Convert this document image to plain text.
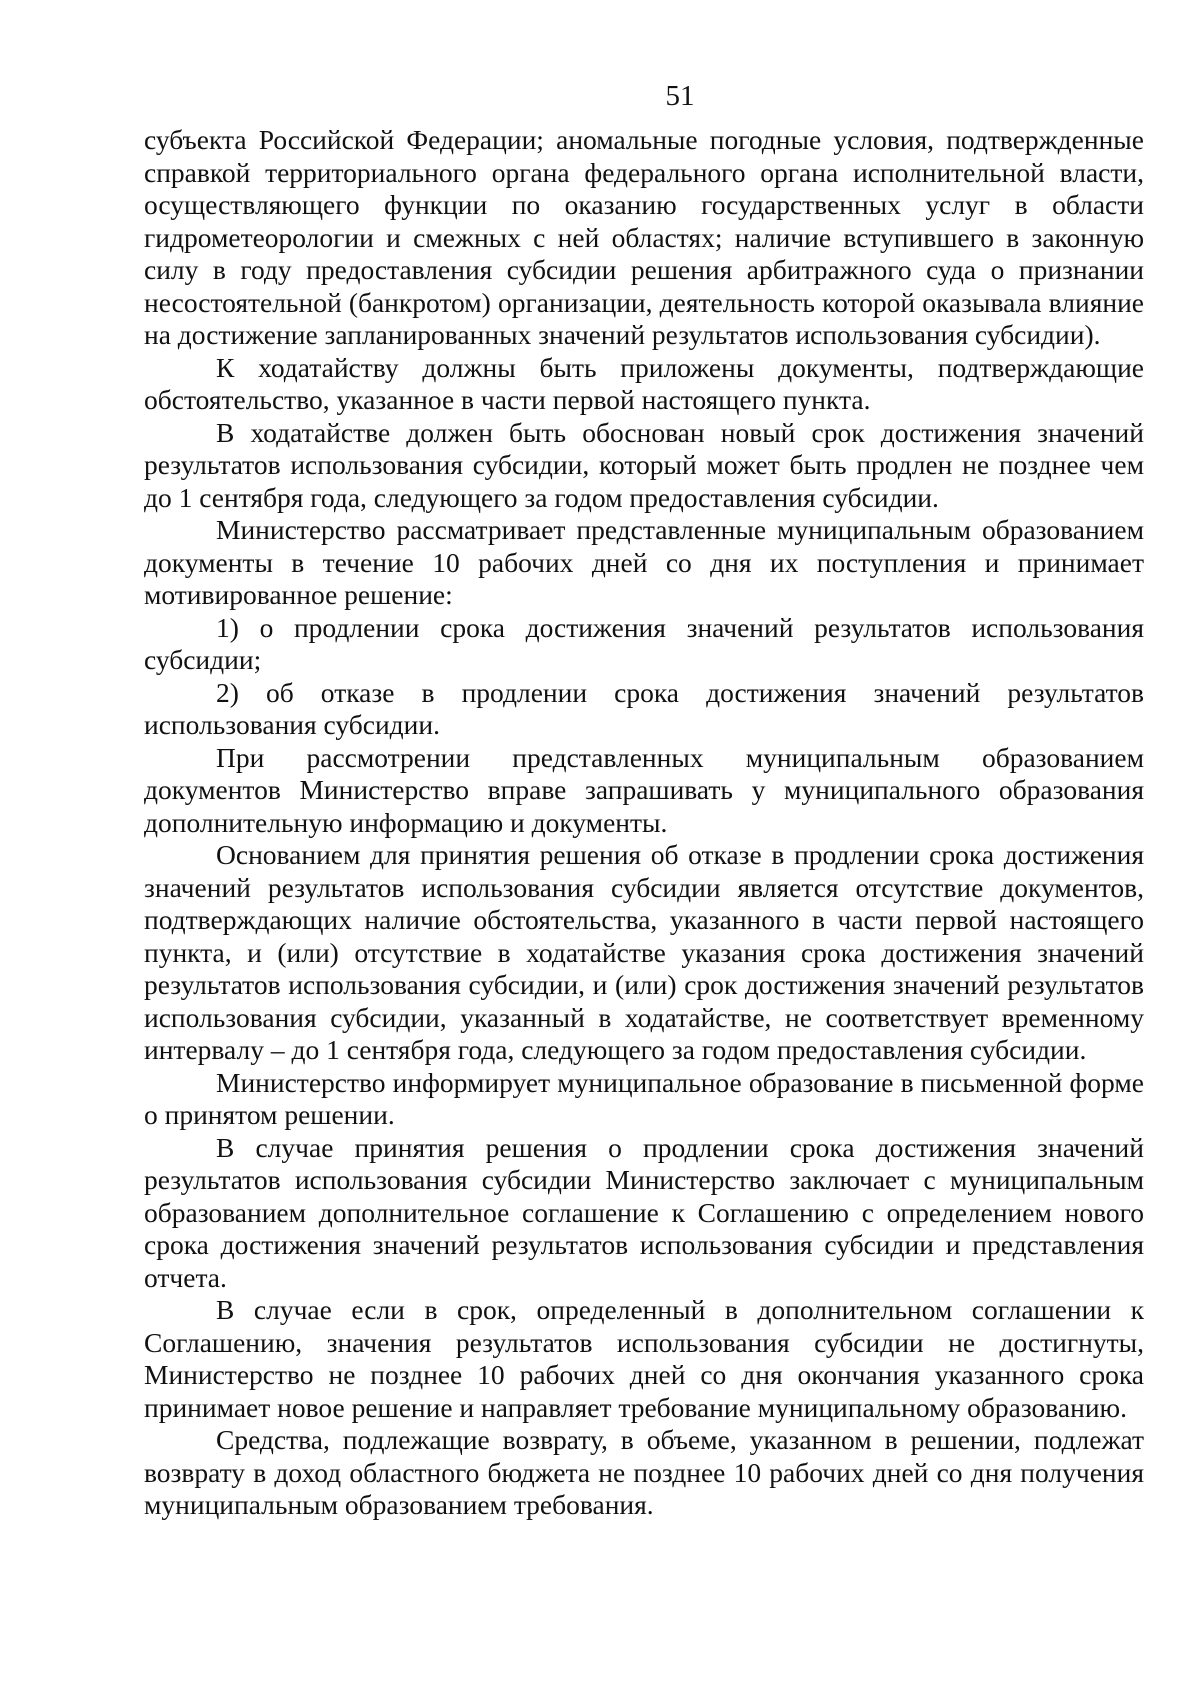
51

субъекта Российской Федерации; аномальные погодные условия, подтвержденные справкой территориального органа федерального органа исполнительной власти, осуществляющего функции по оказанию государственных услуг в области гидрометеорологии и смежных с ней областях; наличие вступившего в законную силу в году предоставления субсидии решения арбитражного суда о признании несостоятельной (банкротом) организации, деятельность которой оказывала влияние на достижение запланированных значений результатов использования субсидии).

К ходатайству должны быть приложены документы, подтверждающие обстоятельство, указанное в части первой настоящего пункта.

В ходатайстве должен быть обоснован новый срок достижения значений результатов использования субсидии, который может быть продлен не позднее чем до 1 сентября года, следующего за годом предоставления субсидии.

Министерство рассматривает представленные муниципальным образованием документы в течение 10 рабочих дней со дня их поступления и принимает мотивированное решение:

1) о продлении срока достижения значений результатов использования субсидии;

2) об отказе в продлении срока достижения значений результатов использования субсидии.

При рассмотрении представленных муниципальным образованием документов Министерство вправе запрашивать у муниципального образования дополнительную информацию и документы.

Основанием для принятия решения об отказе в продлении срока достижения значений результатов использования субсидии является отсутствие документов, подтверждающих наличие обстоятельства, указанного в части первой настоящего пункта, и (или) отсутствие в ходатайстве указания срока достижения значений результатов использования субсидии, и (или) срок достижения значений результатов использования субсидии, указанный в ходатайстве, не соответствует временному интервалу – до 1 сентября года, следующего за годом предоставления субсидии.

Министерство информирует муниципальное образование в письменной форме о принятом решении.

В случае принятия решения о продлении срока достижения значений результатов использования субсидии Министерство заключает с муниципальным образованием дополнительное соглашение к Соглашению с определением нового срока достижения значений результатов использования субсидии и представления отчета.

В случае если в срок, определенный в дополнительном соглашении к Соглашению, значения результатов использования субсидии не достигнуты, Министерство не позднее 10 рабочих дней со дня окончания указанного срока принимает новое решение и направляет требование муниципальному образованию.

Средства, подлежащие возврату, в объеме, указанном в решении, подлежат возврату в доход областного бюджета не позднее 10 рабочих дней со дня получения муниципальным образованием требования.
